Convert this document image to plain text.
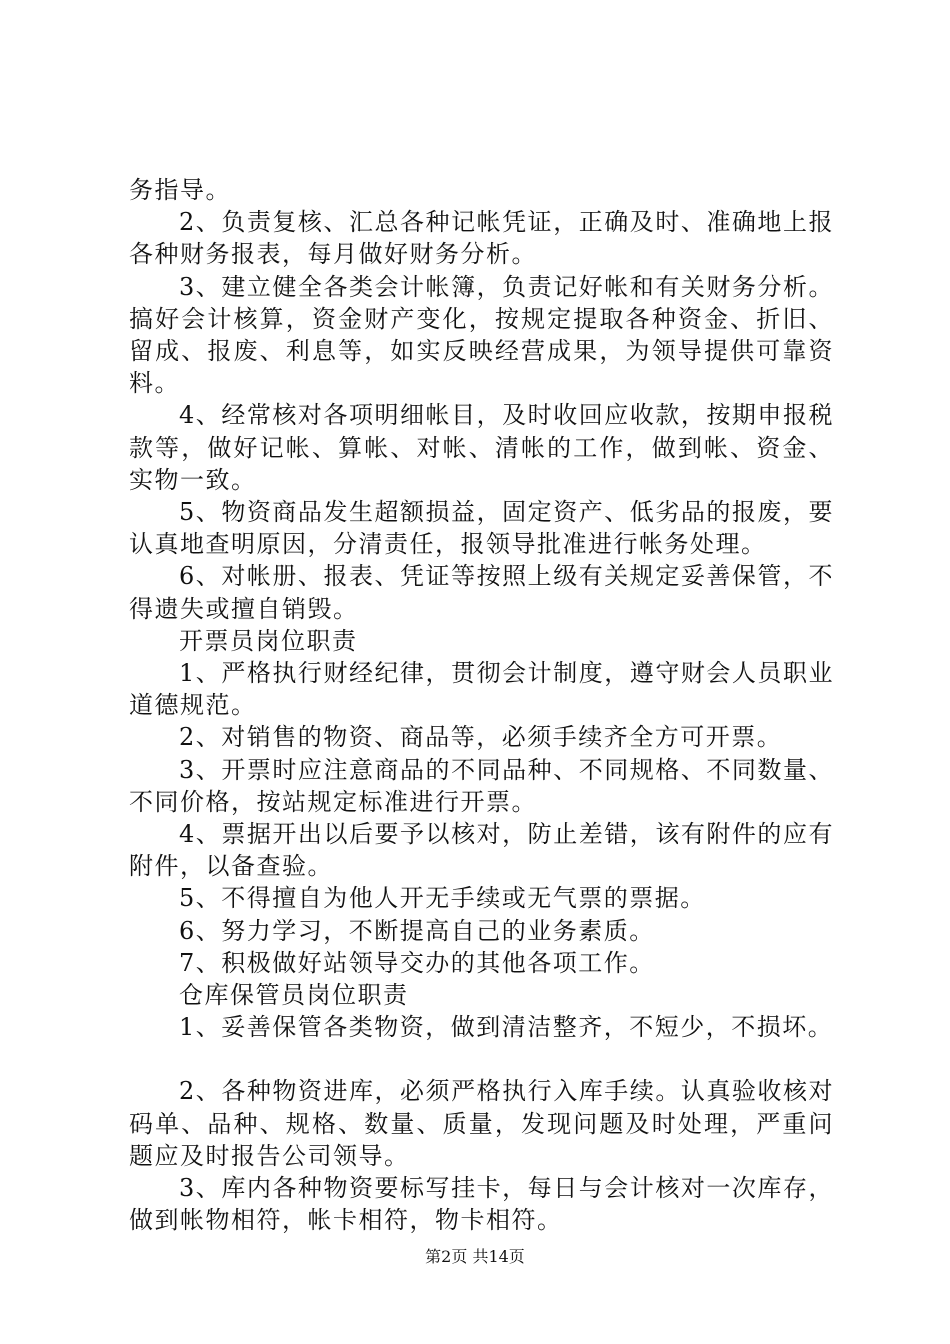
务指导。

2、负责复核、汇总各种记帐凭证，正确及时、准确地上报各种财务报表，每月做好财务分析。

3、建立健全各类会计帐簿，负责记好帐和有关财务分析。搞好会计核算，资金财产变化，按规定提取各种资金、折旧、留成、报废、利息等，如实反映经营成果，为领导提供可靠资料。

4、经常核对各项明细帐目，及时收回应收款，按期申报税款等，做好记帐、算帐、对帐、清帐的工作，做到帐、资金、实物一致。

5、物资商品发生超额损益，固定资产、低劣品的报废，要认真地查明原因，分清责任，报领导批准进行帐务处理。

6、对帐册、报表、凭证等按照上级有关规定妥善保管，不得遗失或擅自销毁。

开票员岗位职责

1、严格执行财经纪律，贯彻会计制度，遵守财会人员职业道德规范。

2、对销售的物资、商品等，必须手续齐全方可开票。

3、开票时应注意商品的不同品种、不同规格、不同数量、不同价格，按站规定标准进行开票。

4、票据开出以后要予以核对，防止差错，该有附件的应有附件，以备查验。

5、不得擅自为他人开无手续或无气票的票据。

6、努力学习，不断提高自己的业务素质。

7、积极做好站领导交办的其他各项工作。

仓库保管员岗位职责

1、妥善保管各类物资，做到清洁整齐，不短少，不损坏。

2、各种物资进库，必须严格执行入库手续。认真验收核对码单、品种、规格、数量、质量，发现问题及时处理，严重问题应及时报告公司领导。

3、库内各种物资要标写挂卡，每日与会计核对一次库存，做到帐物相符，帐卡相符，物卡相符。

第2页 共14页
